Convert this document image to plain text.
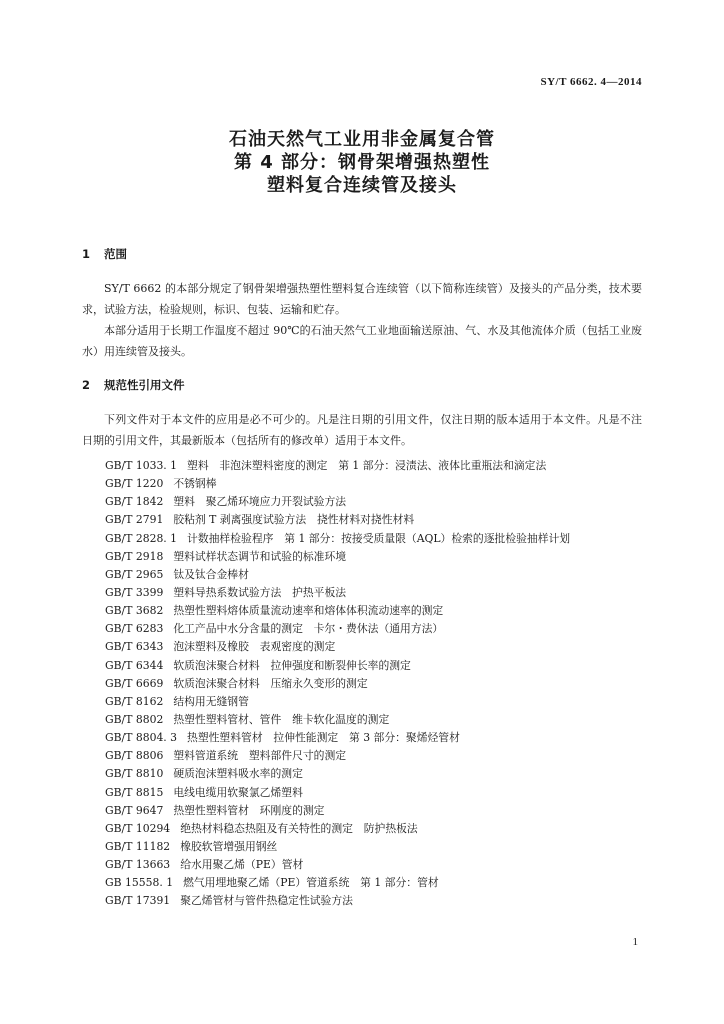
SY/T 6662. 4—2014
石油天然气工业用非金属复合管
第 4 部分：钢骨架增强热塑性
塑料复合连续管及接头
1 范围
SY/T 6662 的本部分规定了钢骨架增强热塑性塑料复合连续管（以下简称连续管）及接头的产品分类，技术要求，试验方法，检验规则，标识、包装、运输和贮存。
本部分适用于长期工作温度不超过 90℃的石油天然气工业地面输送原油、气、水及其他流体介质（包括工业废水）用连续管及接头。
2 规范性引用文件
下列文件对于本文件的应用是必不可少的。凡是注日期的引用文件，仅注日期的版本适用于本文件。凡是不注日期的引用文件，其最新版本（包括所有的修改单）适用于本文件。
GB/T 1033. 1 塑料　非泡沫塑料密度的测定　第 1 部分：浸渍法、液体比重瓶法和滴定法
GB/T 1220 不锈钢棒
GB/T 1842 塑料　聚乙烯环境应力开裂试验方法
GB/T 2791 胶粘剂 T 剥离强度试验方法　挠性材料对挠性材料
GB/T 2828. 1 计数抽样检验程序　第 1 部分：按接受质量限（AQL）检索的逐批检验抽样计划
GB/T 2918 塑料试样状态调节和试验的标准环境
GB/T 2965 钛及钛合金棒材
GB/T 3399 塑料导热系数试验方法　护热平板法
GB/T 3682 热塑性塑料熔体质量流动速率和熔体体积流动速率的测定
GB/T 6283 化工产品中水分含量的测定　卡尔・费休法（通用方法）
GB/T 6343 泡沫塑料及橡胶　表观密度的测定
GB/T 6344 软质泡沫聚合材料　拉伸强度和断裂伸长率的测定
GB/T 6669 软质泡沫聚合材料　压缩永久变形的测定
GB/T 8162 结构用无缝钢管
GB/T 8802 热塑性塑料管材、管件　维卡软化温度的测定
GB/T 8804. 3 热塑性塑料管材　拉伸性能测定　第 3 部分：聚烯烃管材
GB/T 8806 塑料管道系统　塑料部件尺寸的测定
GB/T 8810 硬质泡沫塑料吸水率的测定
GB/T 8815 电线电缆用软聚氯乙烯塑料
GB/T 9647 热塑性塑料管材　环刚度的测定
GB/T 10294 绝热材料稳态热阻及有关特性的测定　防护热板法
GB/T 11182 橡胶软管增强用钢丝
GB/T 13663 给水用聚乙烯（PE）管材
GB 15558. 1 燃气用埋地聚乙烯（PE）管道系统　第 1 部分：管材
GB/T 17391 聚乙烯管材与管件热稳定性试验方法
1
